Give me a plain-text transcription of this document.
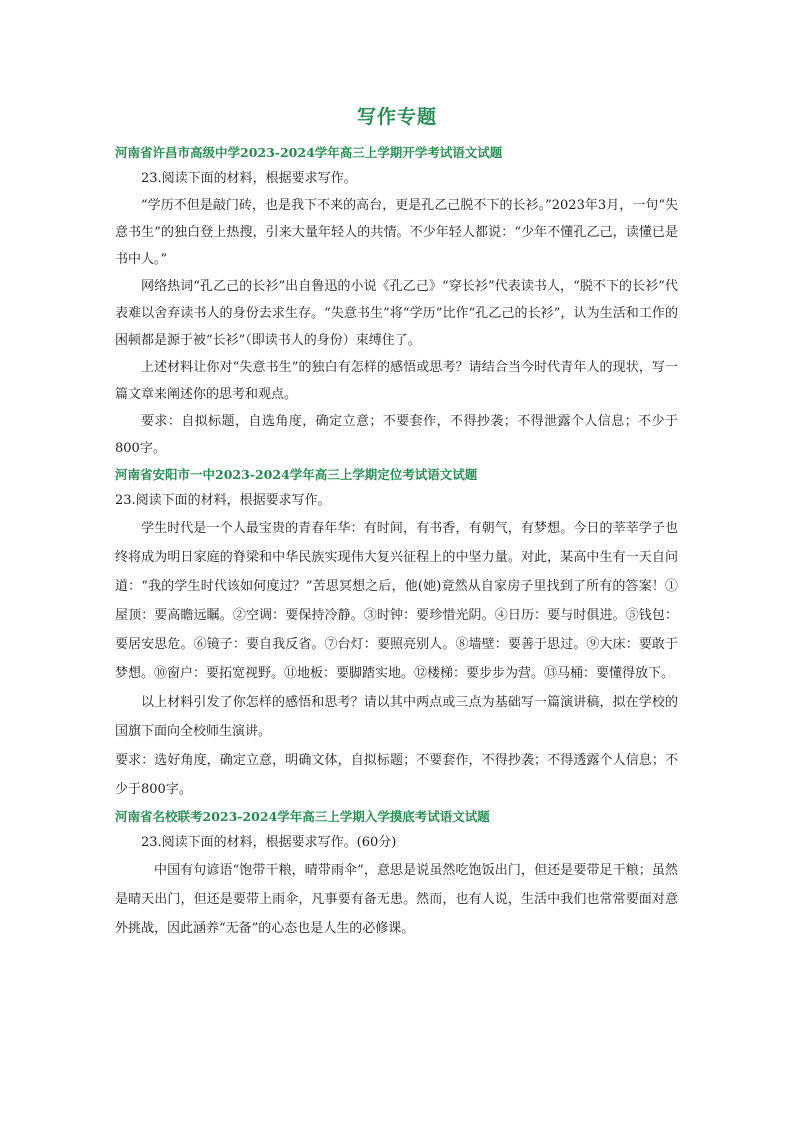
写作专题

河南省许昌市高级中学2023-2024学年高三上学期开学考试语文试题

23.阅读下面的材料，根据要求写作。

“学历不但是敲门砖，也是我下不来的高台，更是孔乙己脱不下的长衫。”2023年3月，一句“失意书生”的独白登上热搜，引来大量年轻人的共情。不少年轻人都说：“少年不懂孔乙己，读懂已是书中人。”

网络热词“孔乙己的长衫”出自鲁迅的小说《孔乙己》“穿长衫”代表读书人，“脱不下的长衫”代表难以舍弃读书人的身份去求生存。“失意书生”将“学历”比作“孔乙己的长衫”，认为生活和工作的困顿都是源于被“长衫”（即读书人的身份）束缚住了。

上述材料让你对“失意书生”的独白有怎样的感悟或思考？请结合当今时代青年人的现状，写一篇文章来阐述你的思考和观点。

要求：自拟标题，自选角度，确定立意；不要套作，不得抄袭；不得泄露个人信息；不少于800字。

河南省安阳市一中2023-2024学年高三上学期定位考试语文试题

23.阅读下面的材料，根据要求写作。

学生时代是一个人最宝贵的青春年华：有时间，有书香，有朝气，有梦想。今日的莘莘学子也终将成为明日家庭的脊梁和中华民族实现伟大复兴征程上的中坚力量。对此，某高中生有一天自问道：“我的学生时代该如何度过？”苦思冥想之后，他(她)竟然从自家房子里找到了所有的答案！①屋顶：要高瞻远瞩。②空调：要保持冷静。③时钟：要珍惜光阴。④日历：要与时俱进。⑤钱包：要居安思危。⑥镜子：要自我反省。⑦台灯：要照亮别人。⑧墙壁：要善于思过。⑨大床：要敢于梦想。⑩窗户：要拓宽视野。⑪地板：要脚踏实地。⑫楼梯：要步步为营。⑬马桶：要懂得放下。

以上材料引发了你怎样的感悟和思考？请以其中两点或三点为基础写一篇演讲稿，拟在学校的国旗下面向全校师生演讲。

要求：选好角度，确定立意，明确文体，自拟标题；不要套作，不得抄袭；不得透露个人信息；不少于800字。

河南省名校联考2023-2024学年高三上学期入学摸底考试语文试题

23.阅读下面的材料，根据要求写作。(60分)

中国有句谚语“饱带干粮，晴带雨伞”，意思是说虽然吃饱饭出门，但还是要带足干粮；虽然是晴天出门，但还是要带上雨伞，凡事要有备无患。然而，也有人说，生活中我们也常常要面对意外挑战，因此涵养“无备”的心态也是人生的必修课。
